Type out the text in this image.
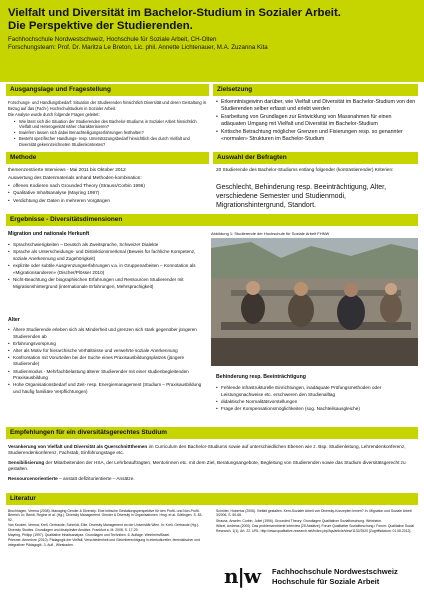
Vielfalt und Diversität im Bachelor-Studium in Sozialer Arbeit.
Die Perspektive der Studierenden.
Fachhochschule Nordwestschweiz, Hochschule für Soziale Arbeit, CH-Olten
Forschungsteam: Prof. Dr. Maritza Le Breton, Lic. phil. Annette Lichtenauer, M.A. Zuzanna Kita
Ausgangslage und Fragestellung

Forschungs- und Handlungsbedarf: Situation der Studierenden hinsichtlich Diversität und deren Gestaltung in Bezug auf das (Fach-) Hochschulstudium in Sozialer Arbeit.

Die Analyse wurde durch folgende Fragen geleitet:

• Wie lässt sich die Situation der Studierenden des Bachelor-Studiums in Sozialer Arbeit hinsichtlich Vielfalt und Heterogenität näher charakterisieren?
• Inwiefern lassen sich dabei Benachteiligungserfahrungen festhalten?
• Besteht spezifischer Handlungs- resp. Unterstützungsbedarf hinsichtlich des durch Vielfalt und Diversität gekennzeichneten Studienkontextes?
Zielsetzung
• Erkenntnisgewinn darüber, wie Vielfalt und Diversität im Bachelor-Studium von den Studierenden selber erfasst und erlebt werden
• Erarbeitung von Grundlagen zur Entwicklung von Massnahmen für einen adäquaten Umgang mit Vielfalt und Diversität im Bachelor-Studium
• Kritische Betrachtung möglicher Grenzen und Fixierungen resp. so genannter «normaler» Strukturen im Bachelor-Studium
Methode

themenzentrierte Interviews - Mai 2011 bis Oktober 2012

Auswertung des Datenmaterials anhand Methoden-kombination:

• offenes Kodieren nach Grounded Theory (Strauss/Corbin 1996)
• Qualitative Inhaltsanalyse (Mayring 1997)
• Verdichtung der Daten in mehreren Vorgängen
Auswahl der Befragten
20 Studierende des Bachelor-Studiums entlang folgender (kontrastierender) Kriterien:
Geschlecht, Behinderung resp. Beeinträchtigung, Alter, verschiedene Semester und Studienmodi, Migrationshintergrund, Standort.
Ergebnisse - Diversitätsdimensionen
Migration und nationale Herkunft
• Sprachschwierigkeiten – Deutsch als Zweitsprache, Schweizer Dialekte
• Sprache als Unterscheidungs- und Distinktionsmerkmal (Beweis für fachliche Kompetenz, soziale Anerkennung und Zugehörigkeit)
• explizite oder subtile Ausgrenzungserfahrungen v.a. in Gruppenarbeiten – Konnotation als «Migrationsanderen» (Discher/Plösser 2010)
• Nicht-Beachtung der biographischen Erfahrungen und Ressourcen Studierender mit Migrationshintergrund (internationale Erfahrungen, Mehrsprachigkeit)
Alter
• Ältere Studierende erleben sich als Minderheit und grenzen sich stark gegenüber jüngeren Studierenden ab
• Erfahrungsvorsprung
• Alter als Motiv für hierarchische Verhältnisse und verwehrte soziale Anerkennung
• Konfrontation mit Vorurteilen bei der Suche eines Praxisausbildungsplatzes (jüngere Studierende)
• Studienmodus - Mehrfachbelastung älterer Studierender mit einer studienbegleitenden Praxisausbildung
• Hohe Organisationsbedarf und Zeit- resp. Energiemanagement (Studium – Praxisausbildung und häufig familiäre Verpflichtungen)
Abbildung 1: Studierende der Hochschule für Soziale Arbeit FHNW
Behinderung resp. Beeinträchtigung
• Fehlende infrastrukturelle Einrichtungen, inadäquate Prüfungsmethoden oder Leistungsnachweise etc. erschweren den Studienalltag
• didaktische Normalitätsvorstellungen
• Frage der Kompensationsmöglichkeiten (sog. Nachteilsausgleiche)
Empfehlungen für ein diversitätsgerechtes Studium

Verankerung von Vielfalt und Diversität als Querschnittthemen im Curriculum des Bachelor-Studiums sowie auf unterschiedlichen Ebenen wie z. Bsp. Studienleitung, Lehrendenkonferenz, Studierendenkonferenz, Fachstab, Einführungstage etc.

Sensibilisierung der Mitarbeitenden der HSA, der Lehrbeauftragten, Mentorinnen etc. mit dem Ziel, Beratungsangebote, Begleitung von Studierenden sowie das Studium diversitätsgerecht zu gestalten.

Ressourcenorientierte – anstatt defizitorientierte – Ansätze.

Literatur

Bruchhagen, Verena (2008). Managing Gender & Diversity: Eine kritische Gestaltungsperspektive für den Profit- und Non-Profit-Bereich. In: Bendl, Regine et al. (Hg.). Diversity Management. Gender & Diversity in Organisationen. Hrsg. et al. Göttingen. S. 83-92.

Van Keuken, Verena; Krell, Gertraude; Schmidt, Elke. Diversity Management an der Universität Wien. In: Krell, Gertraude (Hg.). Diversity Studies. Grundlagen und disziplinäre Ansätze. Frankfurt a. M. 2008. S. 17-29.

Mayring, Philipp (1997). Qualitative Inhaltsanalyse. Grundlagen und Techniken. 6. Auflage. Weinheim/Basel.

Priesner, Annedore (2010). Pädagogik der Vielfalt. Verschiedenheit und Gleichberechtigung in interkultureller, feministischer und integrativer Pädagogik. 3. Aufl., Wiesbaden.

Schröter, Hubertus (2006). Vielfalt gestalten. Kern-Sozialer Arbeit von Diversity-Konzepten lernen? In: Migration und Soziale Arbeit 3/2006. S. 60-68.

Strauss, Anselm; Corbin, Juliet (1996). Grounded Theory: Grundlagen Qualitativer Sozialforschung. Weinheim.

Witzel, Andreas (2000). Das problemzentrierte Interview [25 Absätze]. Forum Qualitative Sozialforschung / Forum: Qualitative Social Research, 1(1), Art. 22. URL: http://www.qualitative-research.net/index.php/fqs/article/view/1132/2520 [Zugriffsdatum: 01.08.2012].

n|w Fachhochschule Nordwestschweiz
Hochschule für Soziale Arbeit
